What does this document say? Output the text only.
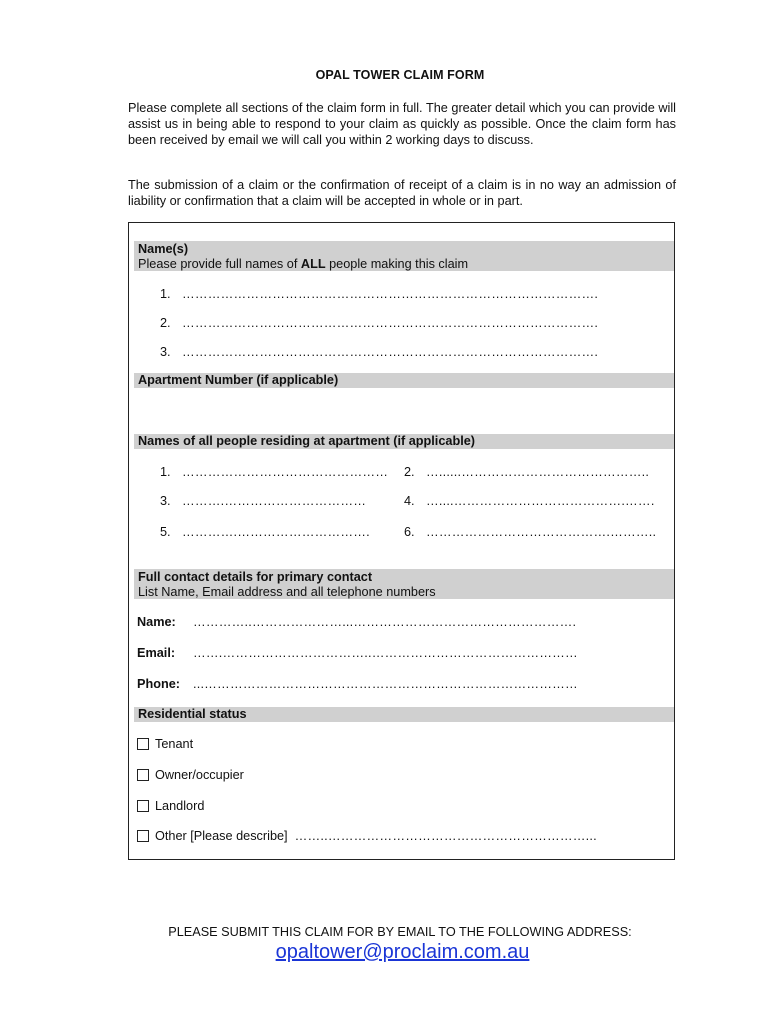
OPAL TOWER CLAIM FORM
Please complete all sections of the claim form in full. The greater detail which you can provide will assist us in being able to respond to your claim as quickly as possible. Once the claim form has been received by email we will call you within 2 working days to discuss.
The submission of a claim or the confirmation of receipt of a claim is in no way an admission of liability or confirmation that a claim will be accepted in whole or in part.
Name(s)
Please provide full names of ALL people making this claim
1. …………………………………………………………………………………….
2. …………………………………………………………………………………….
3. …………………………………………………………………………………….
Apartment Number (if applicable)
Names of all people residing at apartment (if applicable)
1. ………………………………………… 2. …......……………………………………..
3. ……….……………………………	4. …....………………………………….…….
5. ………….………………………….	6. …………………………………….………..
Full contact details for primary contact
List Name, Email address and all telephone numbers
Name: …………..…………………...…………………………………………….
Email: …….……………………………..…………………………………………
Phone: ...……………………………………………………………………………
Residential status
Tenant
Owner/occupier
Landlord
Other [Please describe] ……..……………………………………………………...
PLEASE SUBMIT THIS CLAIM FOR BY EMAIL TO THE FOLLOWING ADDRESS:
opaltower@proclaim.com.au
